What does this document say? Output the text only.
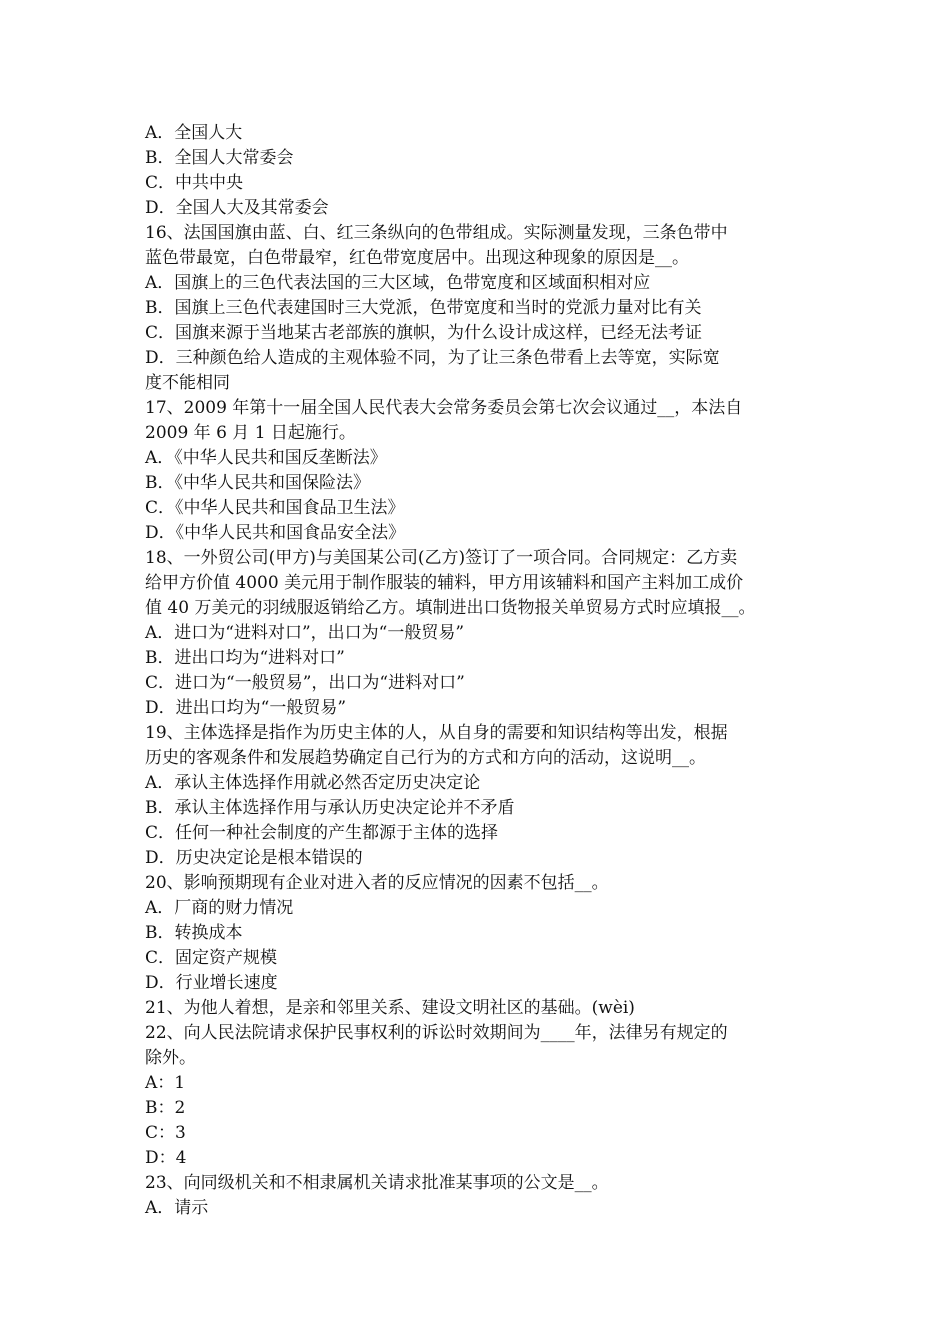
A．全国人大
B．全国人大常委会
C．中共中央
D．全国人大及其常委会
16、法国国旗由蓝、白、红三条纵向的色带组成。实际测量发现，三条色带中
蓝色带最宽，白色带最窄，红色带宽度居中。出现这种现象的原因是__。
A．国旗上的三色代表法国的三大区域，色带宽度和区域面积相对应
B．国旗上三色代表建国时三大党派，色带宽度和当时的党派力量对比有关
C．国旗来源于当地某古老部族的旗帜，为什么设计成这样，已经无法考证
D．三种颜色给人造成的主观体验不同，为了让三条色带看上去等宽，实际宽
度不能相同
17、2009 年第十一届全国人民代表大会常务委员会第七次会议通过__，本法自
2009 年 6 月 1 日起施行。
A．《中华人民共和国反垄断法》
B．《中华人民共和国保险法》
C．《中华人民共和国食品卫生法》
D．《中华人民共和国食品安全法》
18、一外贸公司(甲方)与美国某公司(乙方)签订了一项合同。合同规定：乙方卖
给甲方价值 4000 美元用于制作服装的辅料，甲方用该辅料和国产主料加工成价
值 40 万美元的羽绒服返销给乙方。填制进出口货物报关单贸易方式时应填报__。
A．进口为“进料对口”，出口为“一般贸易”
B．进出口均为“进料对口”
C．进口为“一般贸易”，出口为“进料对口”
D．进出口均为“一般贸易”
19、主体选择是指作为历史主体的人，从自身的需要和知识结构等出发，根据
历史的客观条件和发展趋势确定自己行为的方式和方向的活动，这说明__。
A．承认主体选择作用就必然否定历史决定论
B．承认主体选择作用与承认历史决定论并不矛盾
C．任何一种社会制度的产生都源于主体的选择
D．历史决定论是根本错误的
20、影响预期现有企业对进入者的反应情况的因素不包括__。
A．厂商的财力情况
B．转换成本
C．固定资产规模
D．行业增长速度
21、为他人着想，是亲和邻里关系、建设文明社区的基础。(wèi)
22、向人民法院请求保护民事权利的诉讼时效期间为____年，法律另有规定的
除外。
A：1
B：2
C：3
D：4
23、向同级机关和不相隶属机关请求批准某事项的公文是__。
A．请示
